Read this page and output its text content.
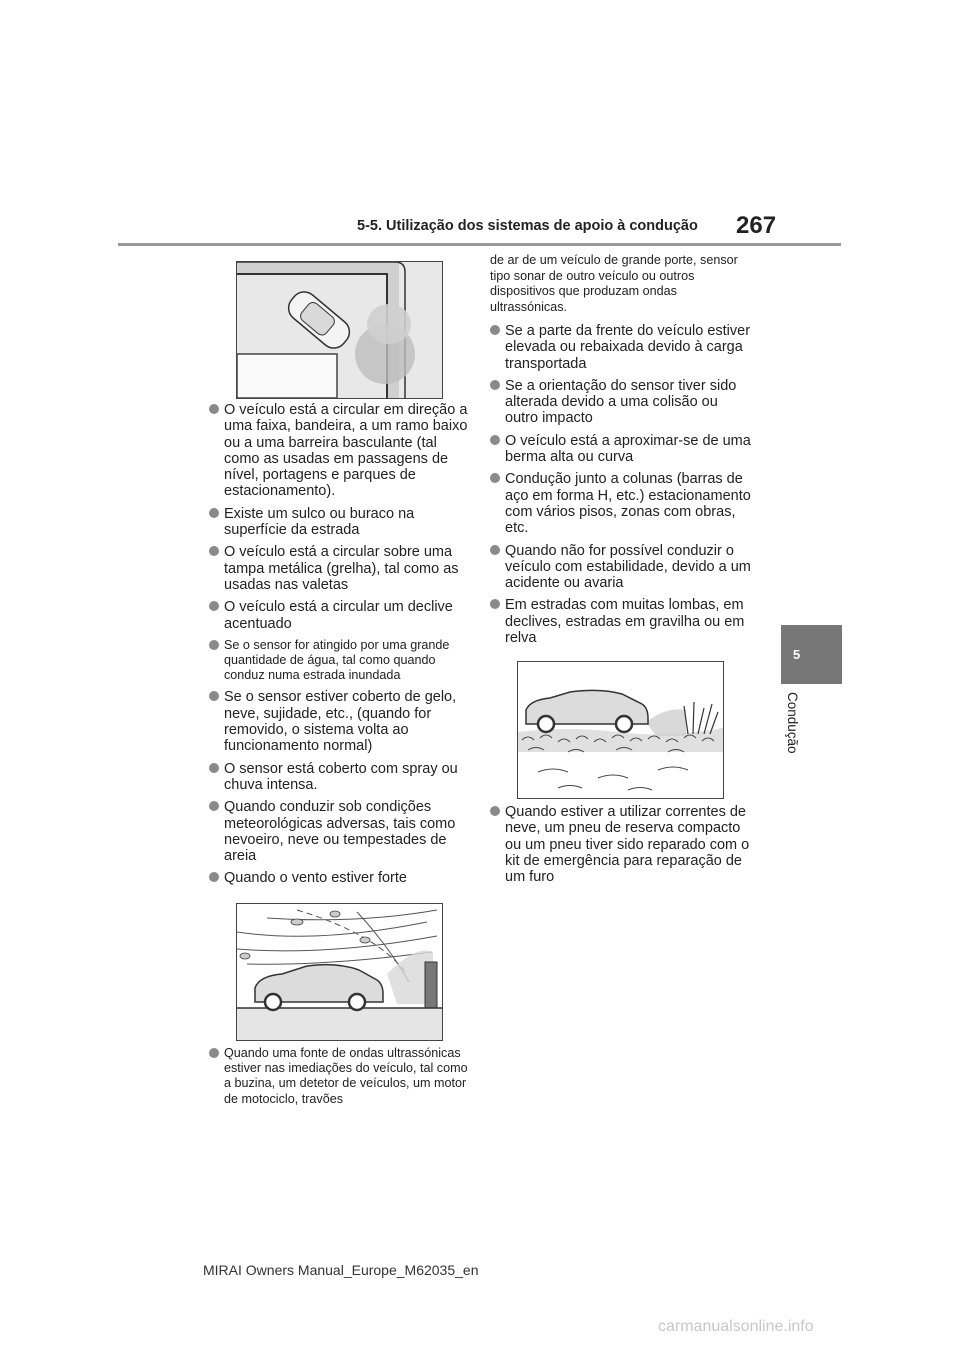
5-5. Utilização dos sistemas de apoio à condução 267
5
Condução
O veículo está a circular em direção a uma faixa, bandeira, a um ramo baixo ou a uma barreira basculante (tal como as usadas em passagens de nível, portagens e parques de estacionamento).
Existe um sulco ou buraco na superfície da estrada
O veículo está a circular sobre uma tampa metálica (grelha), tal como as usadas nas valetas
O veículo está a circular um declive acentuado
Se o sensor for atingido por uma grande quantidade de água, tal como quando conduz numa estrada inundada
Se o sensor estiver coberto de gelo, neve, sujidade, etc., (quando for removido, o sistema volta ao funcionamento normal)
O sensor está coberto com spray ou chuva intensa.
Quando conduzir sob condições meteorológicas adversas, tais como nevoeiro, neve ou tempestades de areia
Quando o vento estiver forte
Quando uma fonte de ondas ultrassónicas estiver nas imediações do veículo, tal como a buzina, um detetor de veículos, um motor de motociclo, travões
de ar de um veículo de grande porte, sensor tipo sonar de outro veículo ou outros dispositivos que produzam ondas ultrassónicas.
Se a parte da frente do veículo estiver elevada ou rebaixada devido à carga transportada
Se a orientação do sensor tiver sido alterada devido a uma colisão ou outro impacto
O veículo está a aproximar-se de uma berma alta ou curva
Condução junto a colunas (barras de aço em forma H, etc.) estacionamento com vários pisos, zonas com obras, etc.
Quando não for possível conduzir o veículo com estabilidade, devido a um acidente ou avaria
Em estradas com muitas lombas, em declives, estradas em gravilha ou em relva
Quando estiver a utilizar correntes de neve, um pneu de reserva compacto ou um pneu tiver sido reparado com o kit de emergência para reparação de um furo
MIRAI Owners Manual_Europe_M62035_en
carmanualsonline.info
